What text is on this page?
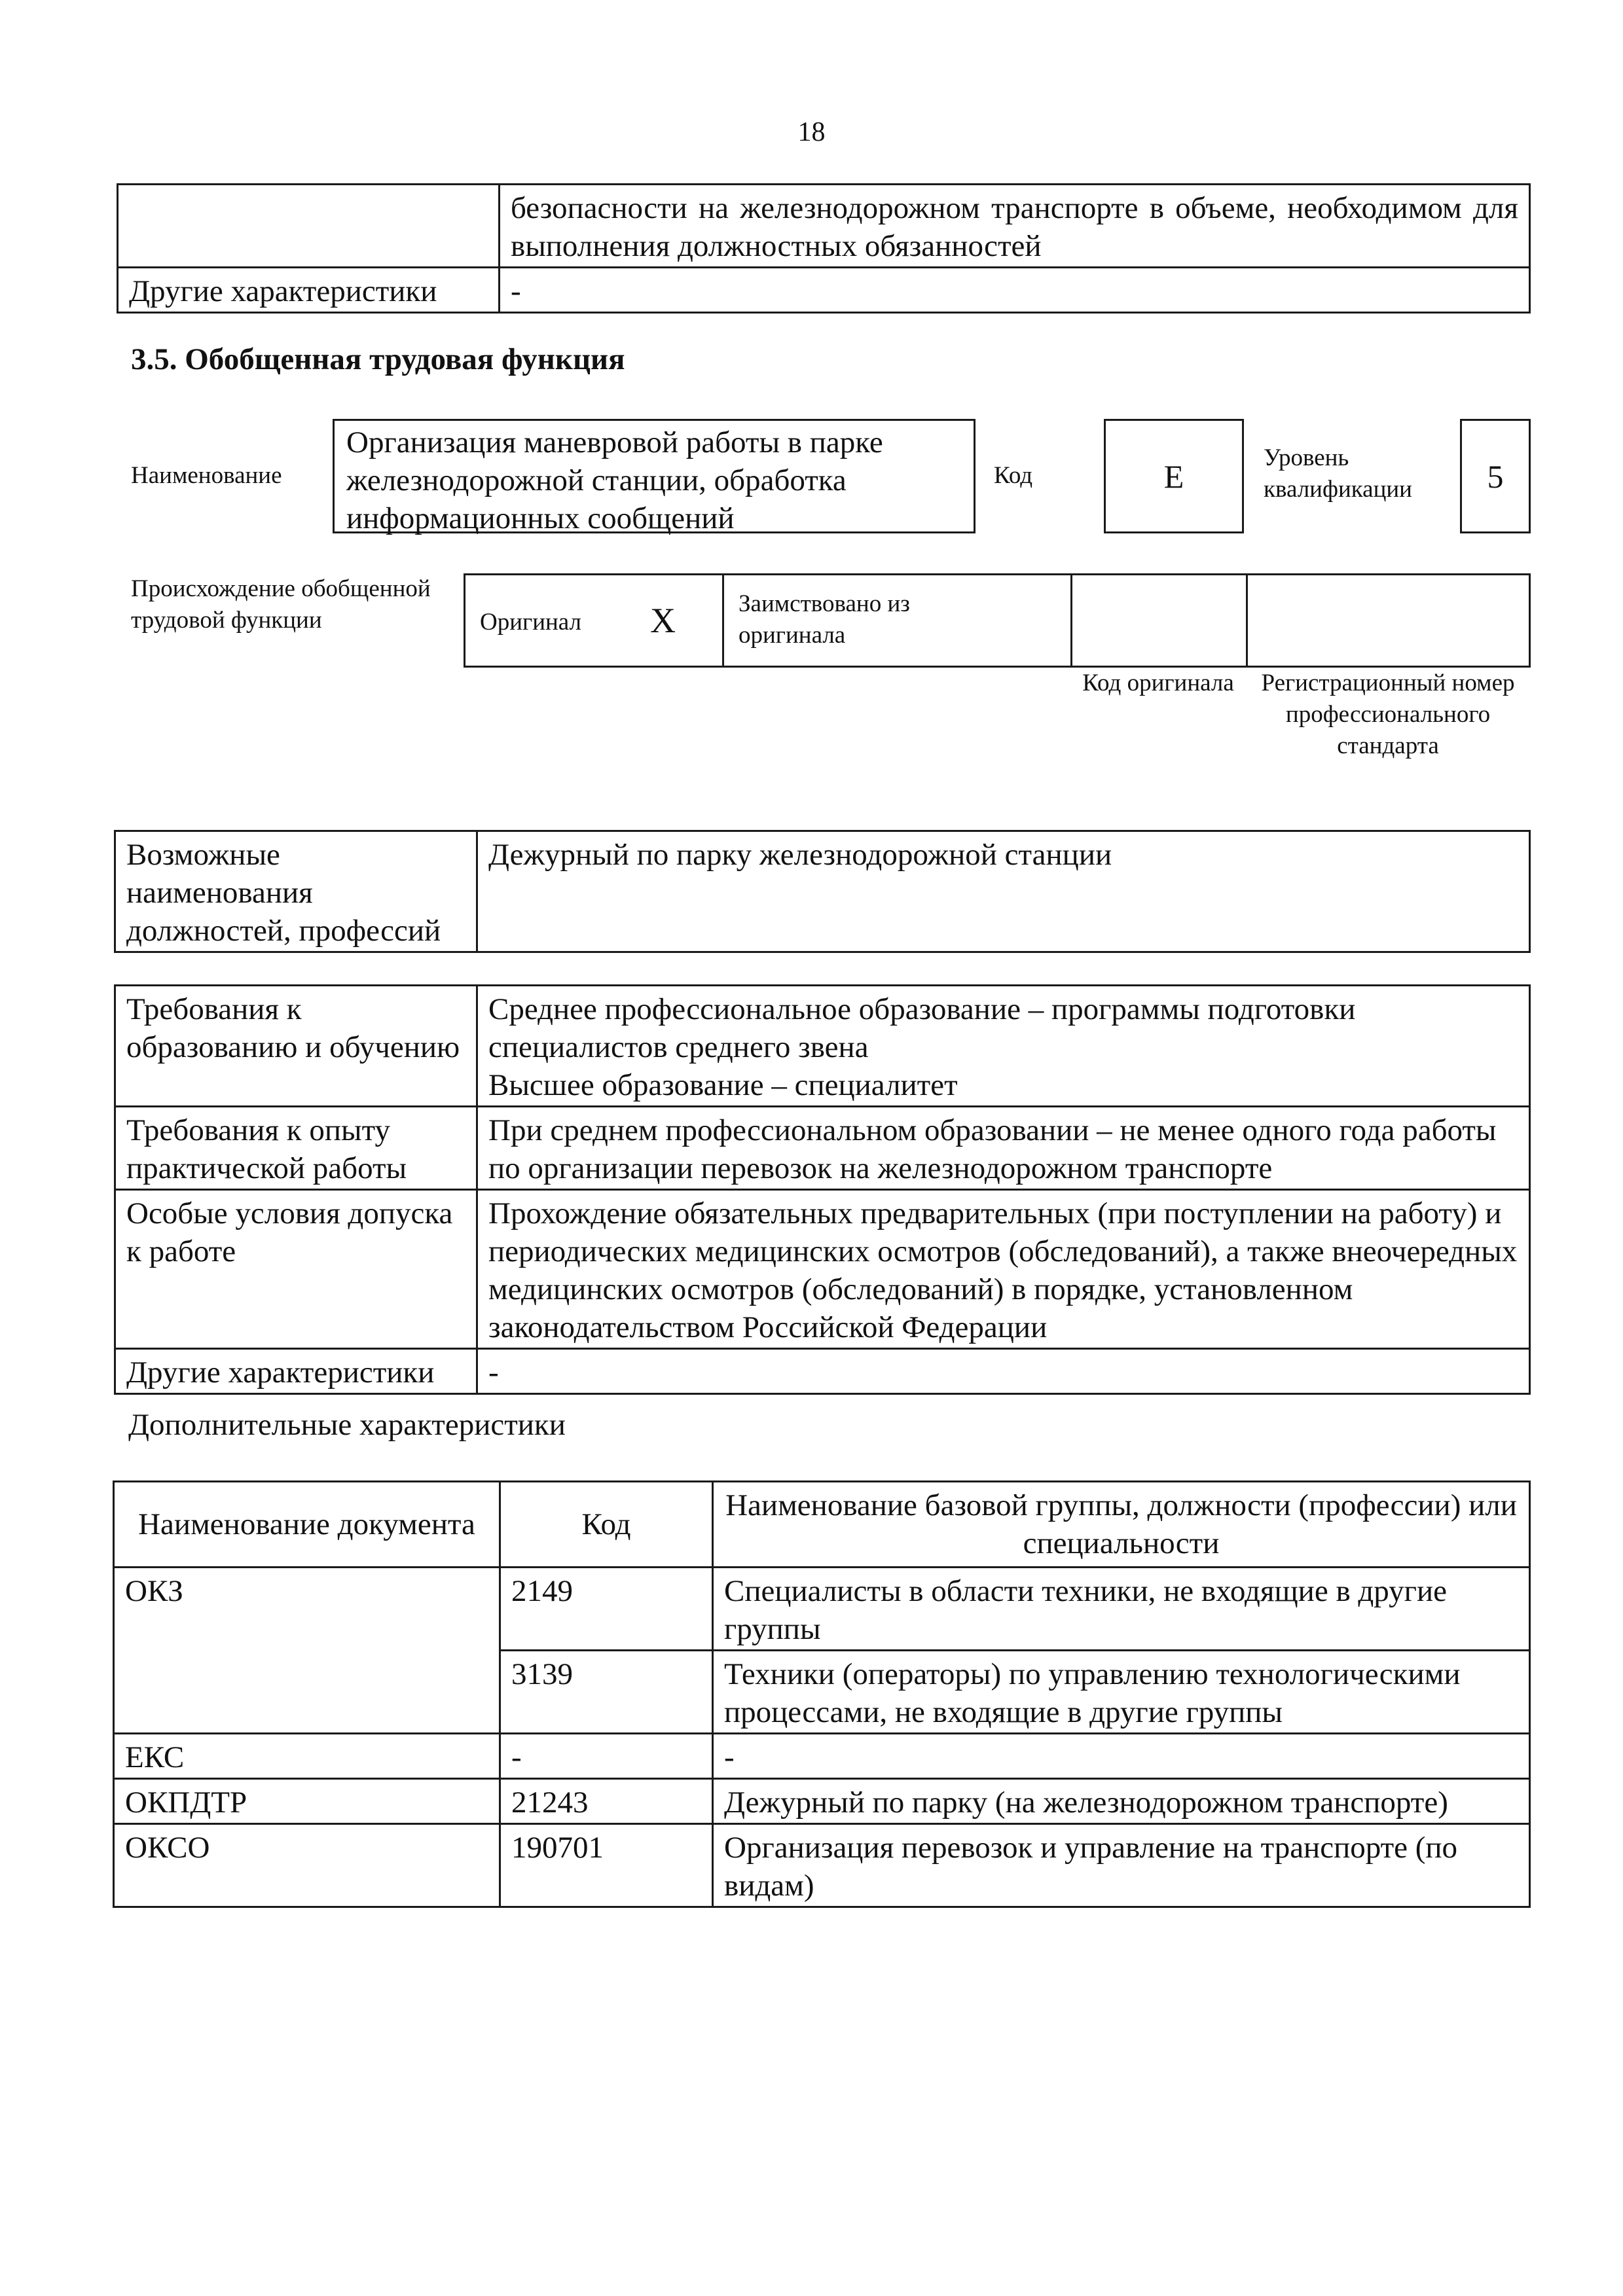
18
	безопасности на железнодорожном транспорте в объеме, необходимом для выполнения должностных обязанностей
Другие характеристики	-
3.5. Обобщенная трудовая функция
Наименование
Организация маневровой работы в парке железнодорожной станции, обработка информационных сообщений
Код	E	Уровень квалификации	5
Происхождение обобщенной трудовой функции	Оригинал X	Заимствовано из оригинала
Код оригинала	Регистрационный номер профессионального стандарта
Возможные наименования должностей, профессий	Дежурный по парку железнодорожной станции
Требования к образованию и обучению	Среднее профессиональное образование – программы подготовки специалистов среднего звена
Высшее образование – специалитет
Требования к опыту практической работы	При среднем профессиональном образовании – не менее одного года работы по организации перевозок на железнодорожном транспорте
Особые условия допуска к работе	Прохождение обязательных предварительных (при поступлении на работу) и периодических медицинских осмотров (обследований), а также внеочередных медицинских осмотров (обследований) в порядке, установленном законодательством Российской Федерации
Другие характеристики	-
Дополнительные характеристики
Наименование документа	Код	Наименование базовой группы, должности (профессии) или специальности
ОКЗ	2149	Специалисты в области техники, не входящие в другие группы
	3139	Техники (операторы) по управлению технологическими процессами, не входящие в другие группы
ЕКС	-	-
ОКПДТР	21243	Дежурный по парку (на железнодорожном транспорте)
ОКСО	190701	Организация перевозок и управление на транспорте (по видам)
